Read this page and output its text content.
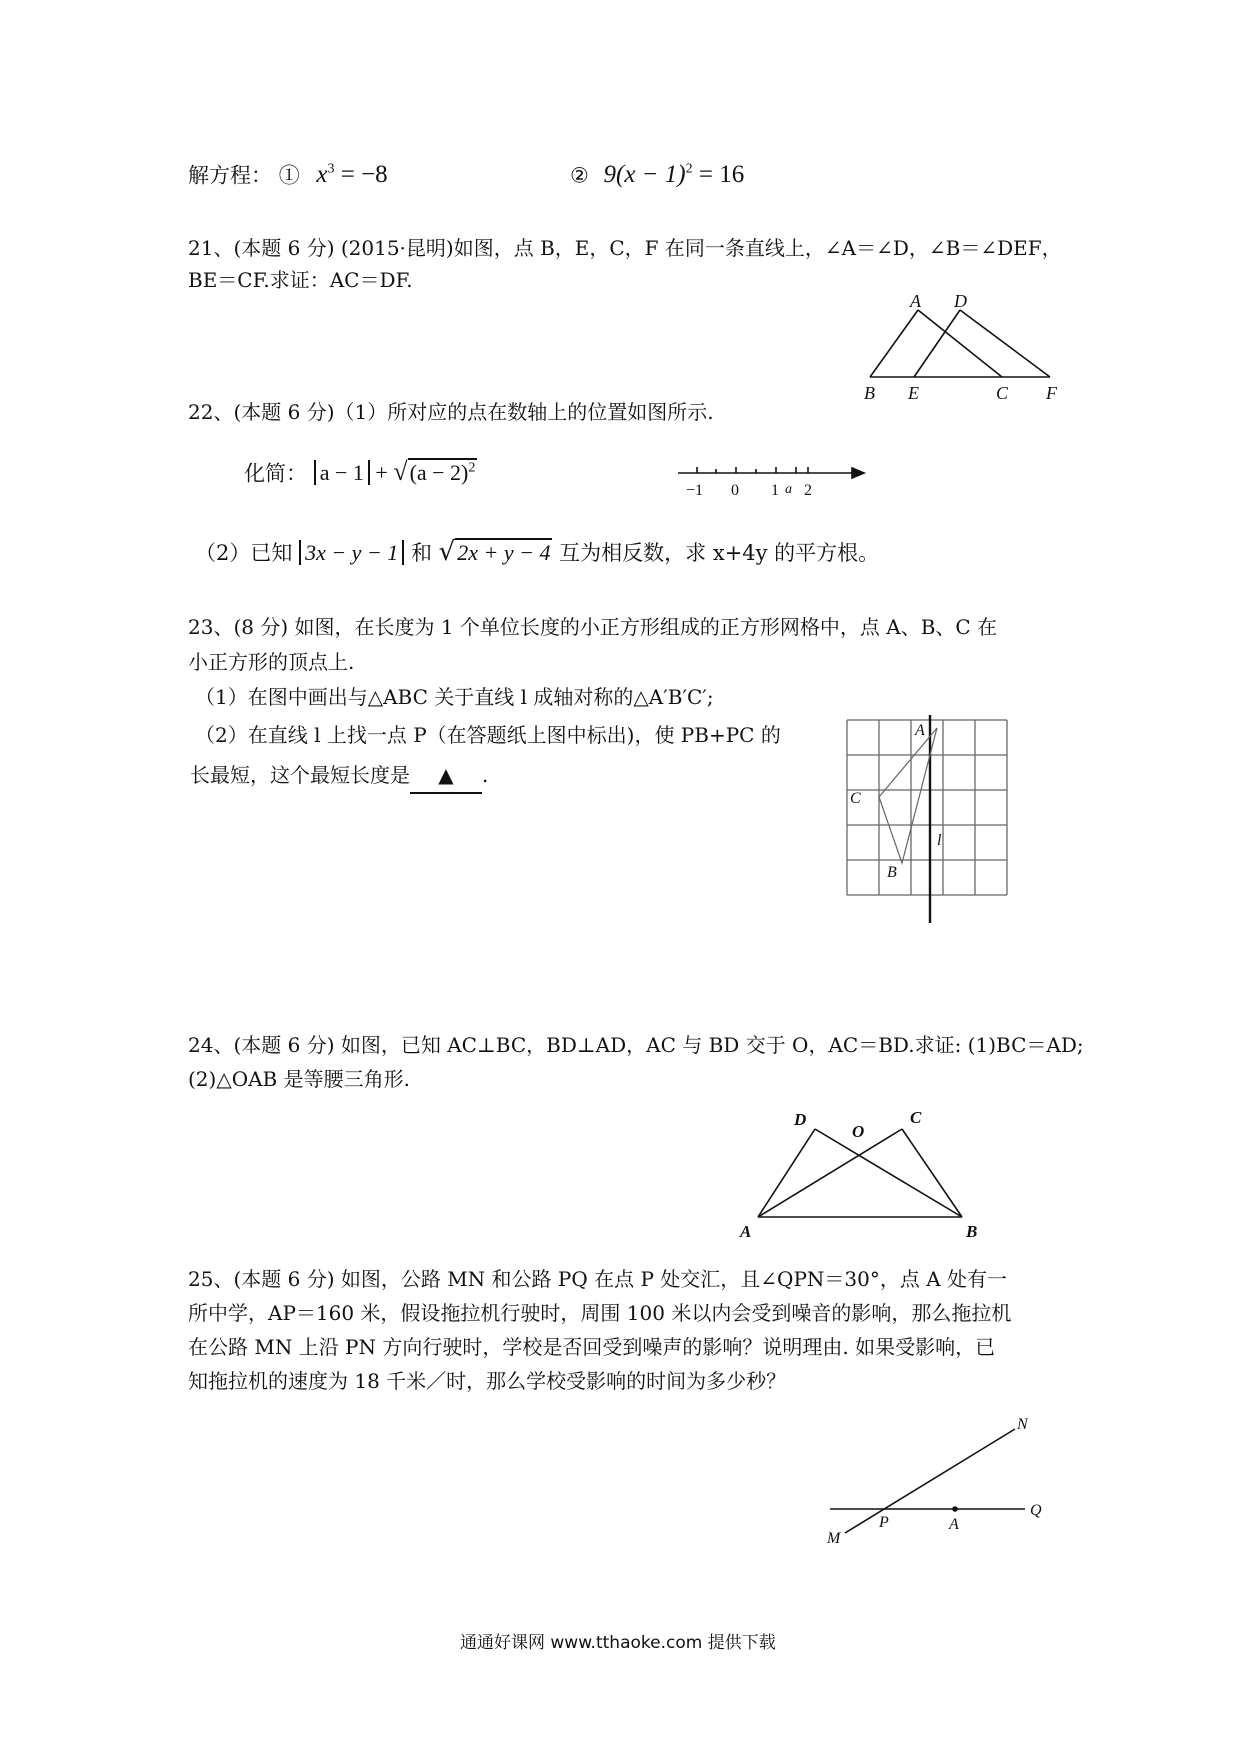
解方程： ① $x^3 = -8$	② $9(x - 1)^2 = 16$
21、(本题 6 分) (2015·昆明)如图，点 B，E，C，F 在同一条直线上，∠A＝∠D，∠B＝∠DEF，
BE＝CF.求证：AC＝DF.
A D
B E	C F
22、(本题 6 分)（1）所对应的点在数轴上的位置如图所示.
化简： $a - 1 + √(a - 2)^2$
−1 0 1 a 2
（2）已知 3x − y − 1 和 √2x + y − 4 互为相反数，求 x+4y 的平方根。
23、(8 分) 如图，在长度为 1 个单位长度的小正方形组成的正方形网格中，点 A、B、C 在
小正方形的顶点上.
（1）在图中画出与△ABC 关于直线 l 成轴对称的△A′B′C′;
（2）在直线 l 上找一点 P（在答题纸上图中标出)，使 PB+PC 的
长最短，这个最短长度是 ▲ .
A
C
l
B
24、(本题 6 分) 如图，已知 AC⊥BC，BD⊥AD，AC 与 BD 交于 O，AC＝BD.求证: (1)BC＝AD;
(2)△OAB 是等腰三角形.
D
O
C
A	B
25、(本题 6 分) 如图，公路 MN 和公路 PQ 在点 P 处交汇，且∠QPN＝30°，点 A 处有一
所中学，AP＝160 米，假设拖拉机行驶时，周围 100 米以内会受到噪音的影响，那么拖拉机
在公路 MN 上沿 PN 方向行驶时，学校是否回受到噪声的影响？说明理由. 如果受影响，已
知拖拉机的速度为 18 千米／时，那么学校受影响的时间为多少秒？
N
Q
P	A
M
通通好课网 www.tthaoke.com 提供下载
